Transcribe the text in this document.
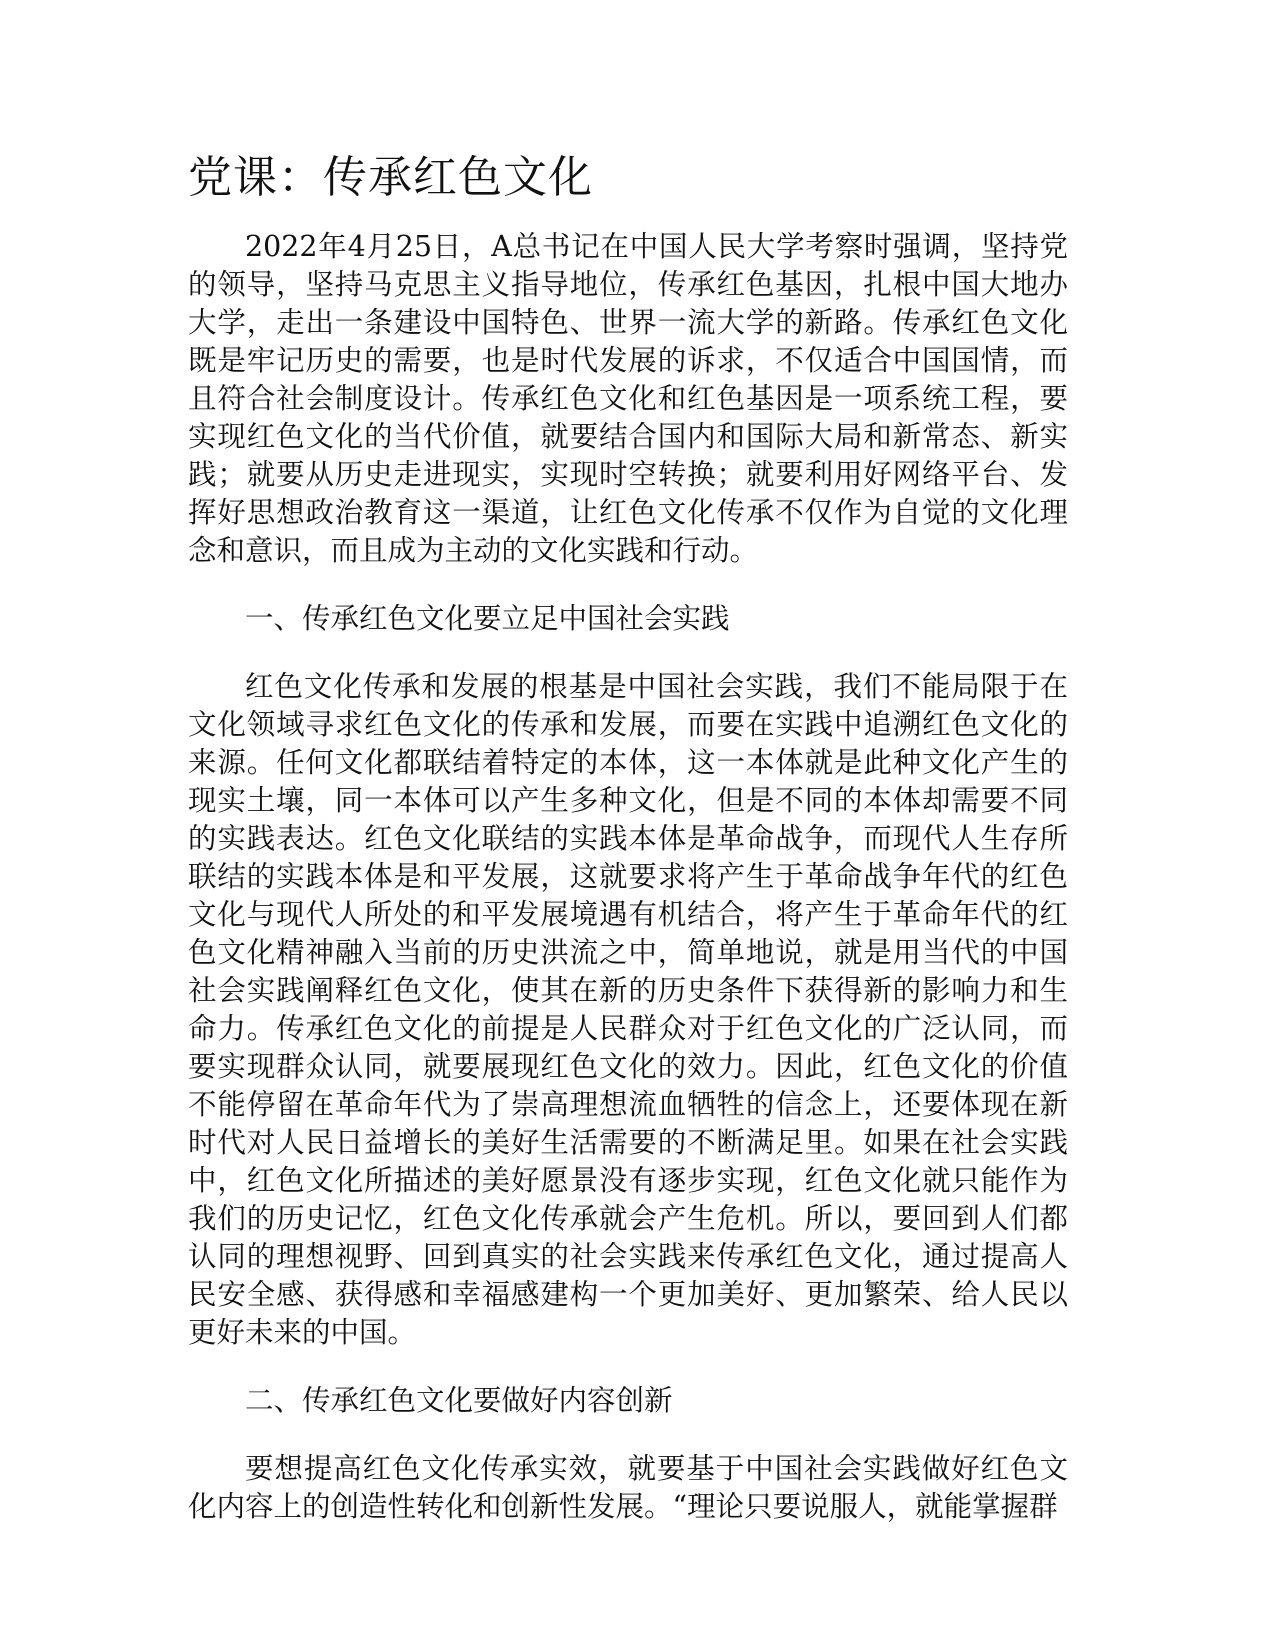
党课：传承红色文化

2022年4月25日，A总书记在中国人民大学考察时强调，坚持党的领导，坚持马克思主义指导地位，传承红色基因，扎根中国大地办大学，走出一条建设中国特色、世界一流大学的新路。传承红色文化既是牢记历史的需要，也是时代发展的诉求，不仅适合中国国情，而且符合社会制度设计。传承红色文化和红色基因是一项系统工程，要实现红色文化的当代价值，就要结合国内和国际大局和新常态、新实践；就要从历史走进现实，实现时空转换；就要利用好网络平台、发挥好思想政治教育这一渠道，让红色文化传承不仅作为自觉的文化理念和意识，而且成为主动的文化实践和行动。

一、传承红色文化要立足中国社会实践

红色文化传承和发展的根基是中国社会实践，我们不能局限于在文化领域寻求红色文化的传承和发展，而要在实践中追溯红色文化的来源。任何文化都联结着特定的本体，这一本体就是此种文化产生的现实土壤，同一本体可以产生多种文化，但是不同的本体却需要不同的实践表达。红色文化联结的实践本体是革命战争，而现代人生存所联结的实践本体是和平发展，这就要求将产生于革命战争年代的红色文化与现代人所处的和平发展境遇有机结合，将产生于革命年代的红色文化精神融入当前的历史洪流之中，简单地说，就是用当代的中国社会实践阐释红色文化，使其在新的历史条件下获得新的影响力和生命力。传承红色文化的前提是人民群众对于红色文化的广泛认同，而要实现群众认同，就要展现红色文化的效力。因此，红色文化的价值不能停留在革命年代为了崇高理想流血牺牲的信念上，还要体现在新时代对人民日益增长的美好生活需要的不断满足里。如果在社会实践中，红色文化所描述的美好愿景没有逐步实现，红色文化就只能作为我们的历史记忆，红色文化传承就会产生危机。所以，要回到人们都认同的理想视野、回到真实的社会实践来传承红色文化，通过提高人民安全感、获得感和幸福感建构一个更加美好、更加繁荣、给人民以更好未来的中国。

二、传承红色文化要做好内容创新

要想提高红色文化传承实效，就要基于中国社会实践做好红色文化内容上的创造性转化和创新性发展。“理论只要说服人，就能掌握群
